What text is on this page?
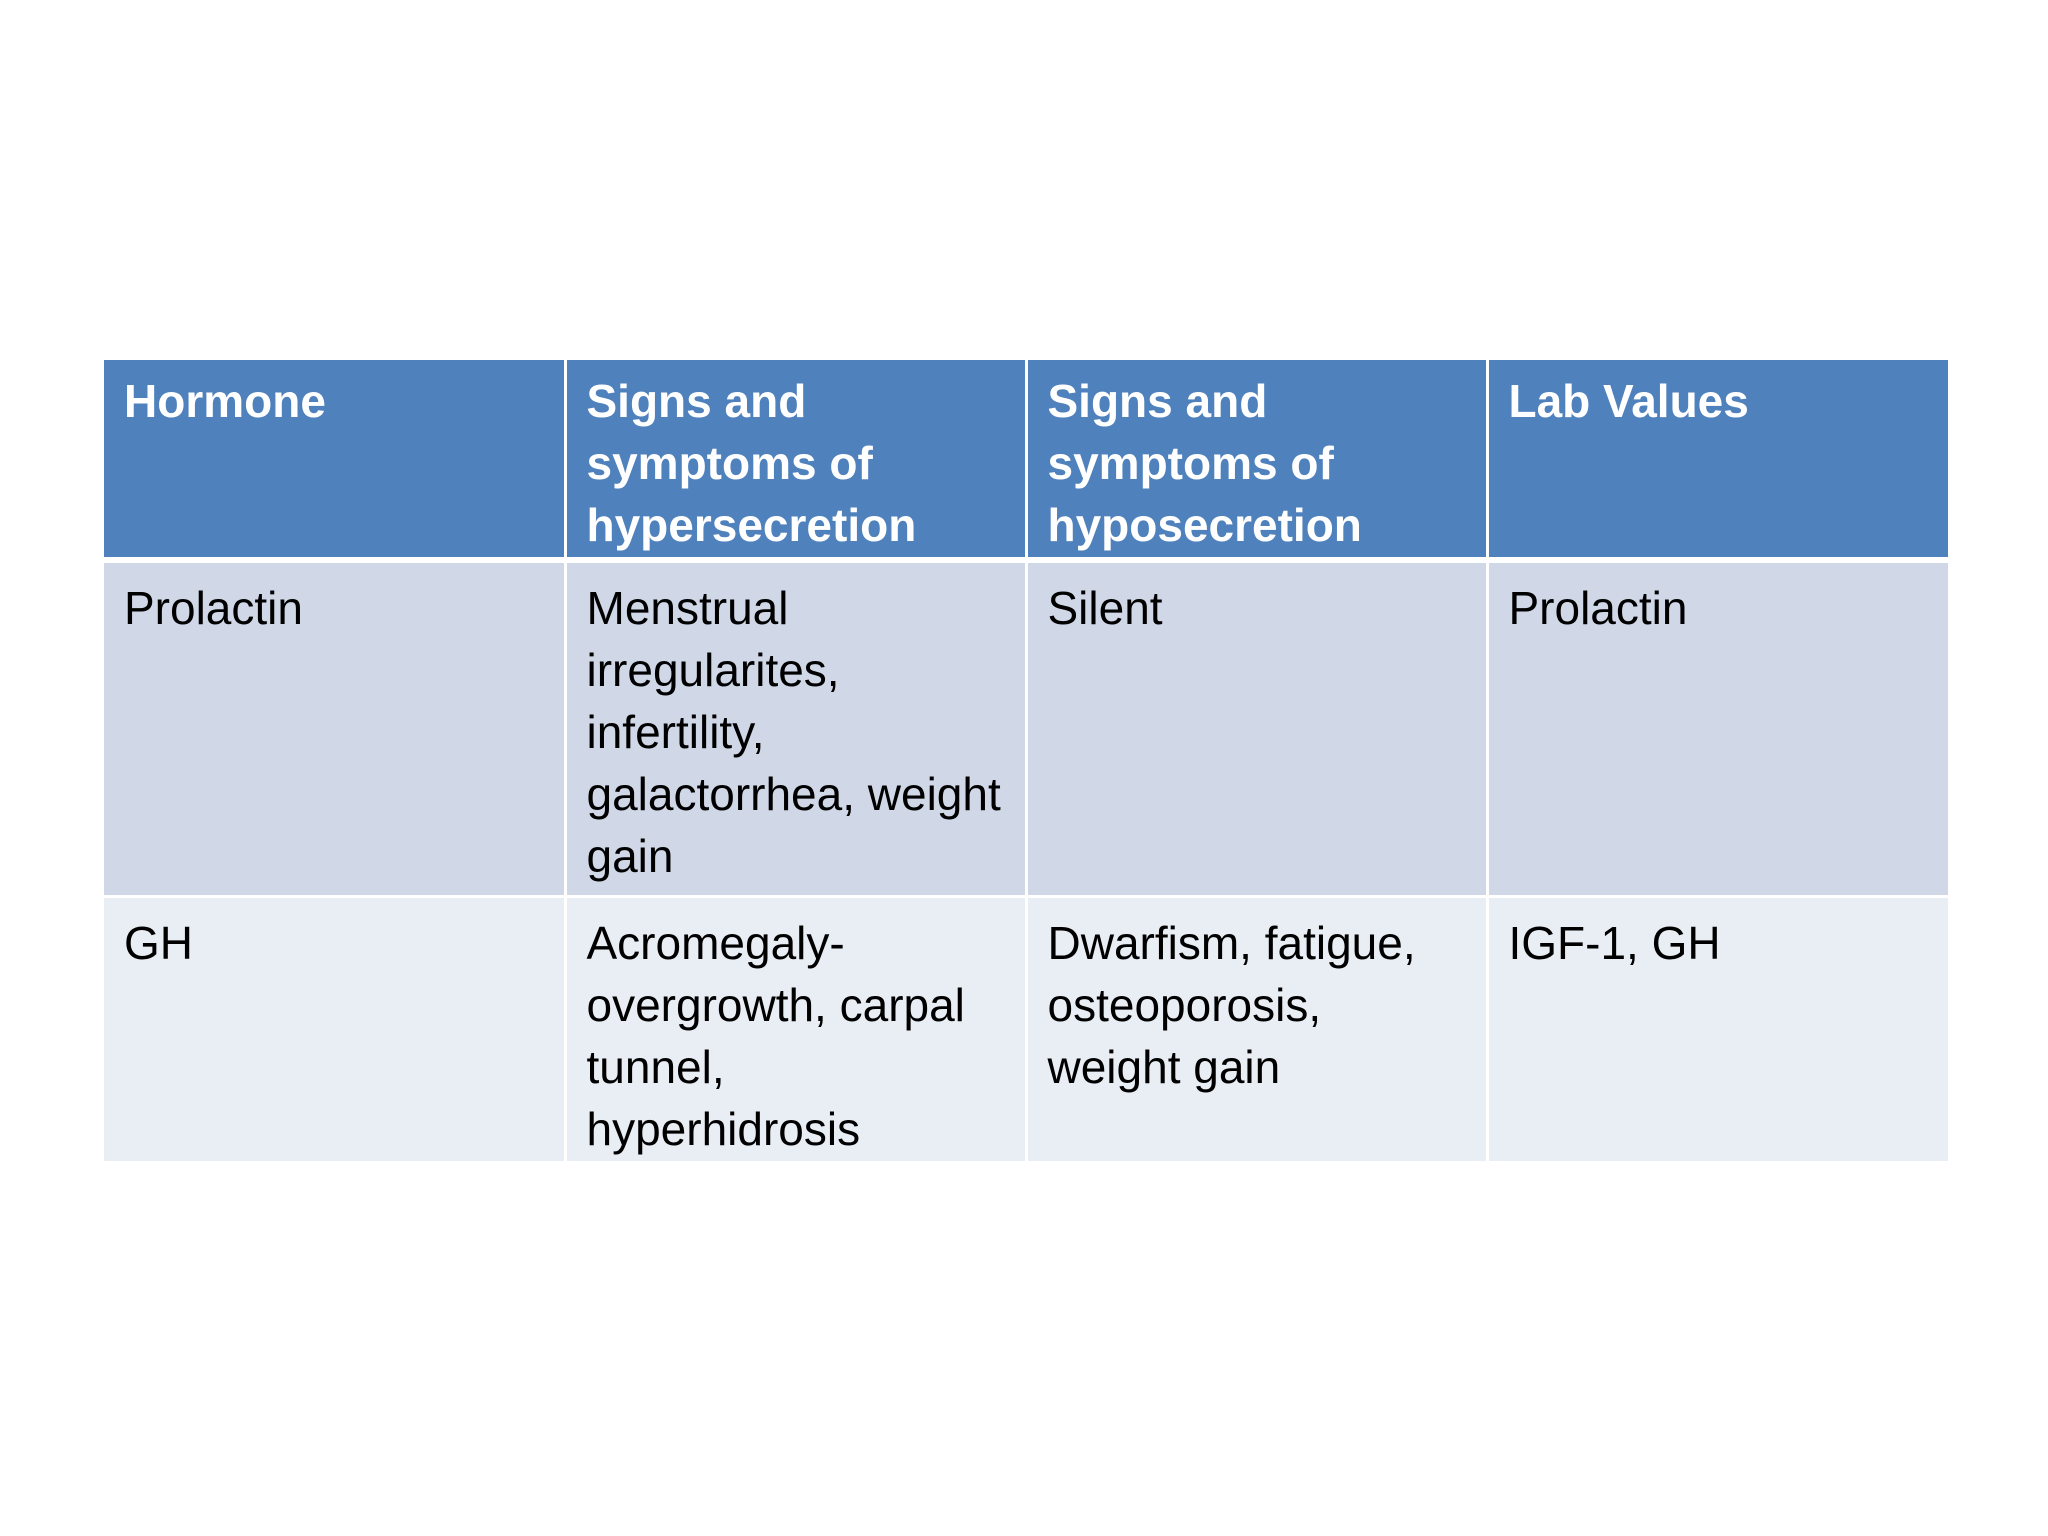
Hormone	Signs and symptoms of hypersecretion	Signs and symptoms of hyposecretion	Lab Values
Prolactin	Menstrual irregularites, infertility, galactorrhea, weight gain	Silent	Prolactin
GH	Acromegaly-overgrowth, carpal tunnel, hyperhidrosis	Dwarfism, fatigue, osteoporosis, weight gain	IGF-1, GH
